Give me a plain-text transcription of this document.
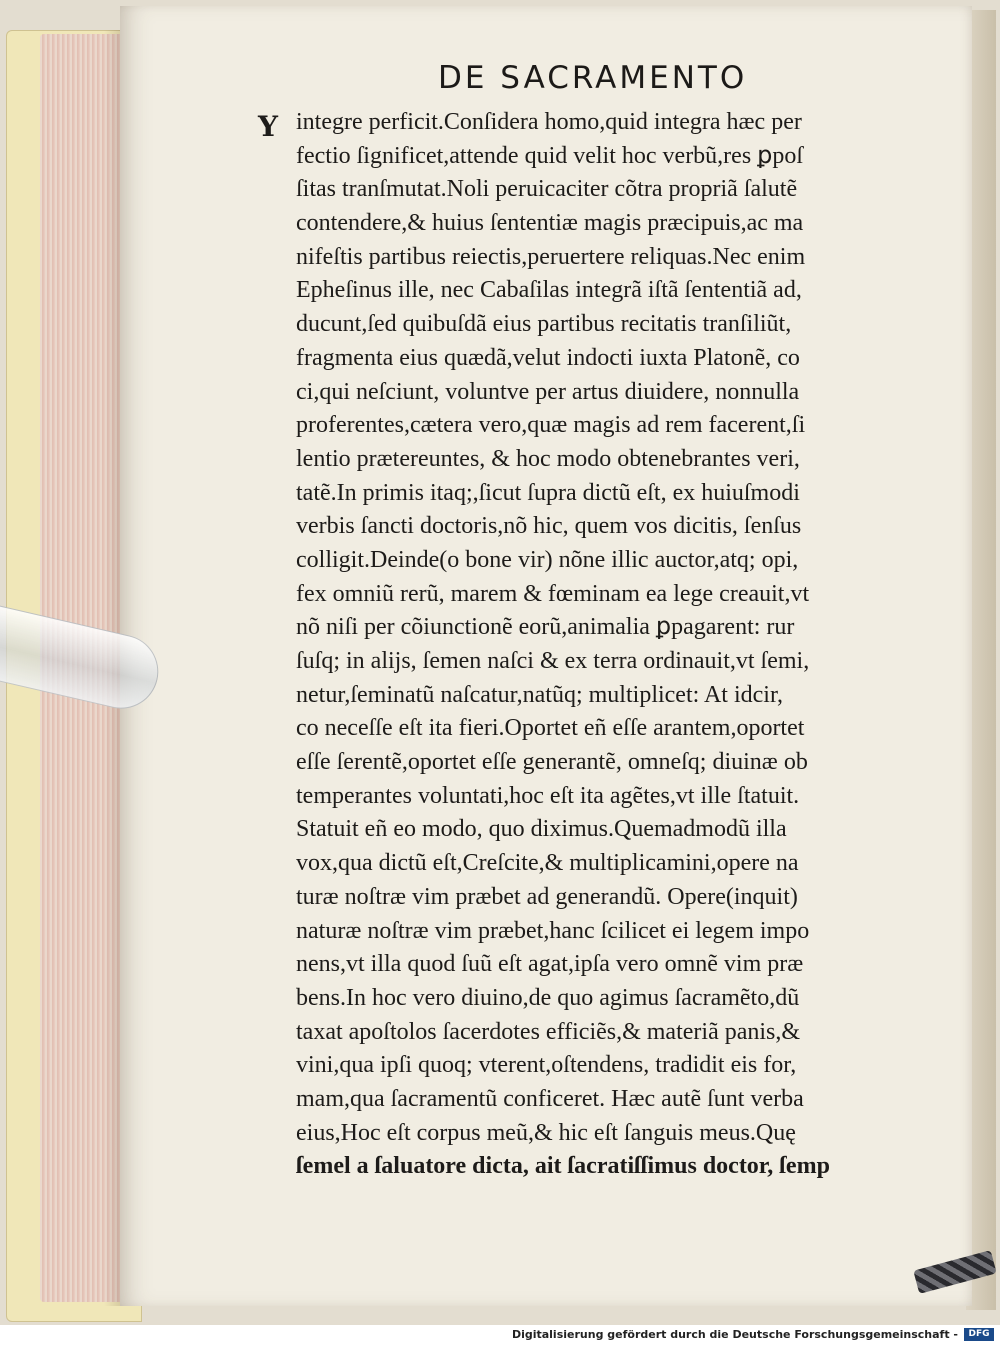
DE SACRAMENTO
Y integre perficit.Conſidera homo,quid integra hæc per
fectio ſignificet,attende quid velit hoc verbũ,res ꝑpoſ
ſitas tranſmutat.Noli peruicaciter cõtra propriã ſalutẽ
contendere,& huius ſententiæ magis præcipuis,ac ma
nifeſtis partibus reiectis,peruertere reliquas.Nec enim
Epheſinus ille, nec Cabaſilas integrã iſtã ſententiã ad,
ducunt,ſed quibuſdã eius partibus recitatis tranſiliũt,
fragmenta eius quædã,velut indocti iuxta Platonẽ, co
ci,qui neſciunt, voluntve per artus diuidere, nonnulla
proferentes,cætera vero,quæ magis ad rem facerent,ſi
lentio prætereuntes, & hoc modo obtenebrantes veri,
tatẽ.In primis itaq;,ſicut ſupra dictũ eſt, ex huiuſmodi
verbis ſancti doctoris,nõ hic, quem vos dicitis, ſenſus
colligit.Deinde(o bone vir) nõne illic auctor,atq; opi,
fex omniũ rerũ, marem & fœminam ea lege creauit,vt
nõ niſi per cõiunctionẽ eorũ,animalia ꝑpagarent: rur
ſuſq; in alijs, ſemen naſci & ex terra ordinauit,vt ſemi,
netur,ſeminatũ naſcatur,natũq; multiplicet: At idcir,
co neceſſe eſt ita fieri.Oportet eñ eſſe arantem,oportet
eſſe ſerentẽ,oportet eſſe generantẽ, omneſq; diuinæ ob
temperantes voluntati,hoc eſt ita agẽtes,vt ille ſtatuit.
Statuit eñ eo modo, quo diximus.Quemadmodũ illa
vox,qua dictũ eſt,Creſcite,& multiplicamini,opere na
turæ noſtræ vim præbet ad generandũ. Opere(inquit)
naturæ noſtræ vim præbet,hanc ſcilicet ei legem impo
nens,vt illa quod ſuũ eſt agat,ipſa vero omnẽ vim præ
bens.In hoc vero diuino,de quo agimus ſacramẽto,dũ
taxat apoſtolos ſacerdotes efficiẽs,& materiã panis,&
vini,qua ipſi quoq; vterent,oſtendens, tradidit eis for,
mam,qua ſacramentũ conficeret. Hæc autẽ ſunt verba
eius,Hoc eſt corpus meũ,& hic eſt ſanguis meus.Quę
ſemel a ſaluatore dicta, ait ſacratiſſimus doctor, ſemp
Digitalisierung gefördert durch die Deutsche Forschungsgemeinschaft -	DFG
